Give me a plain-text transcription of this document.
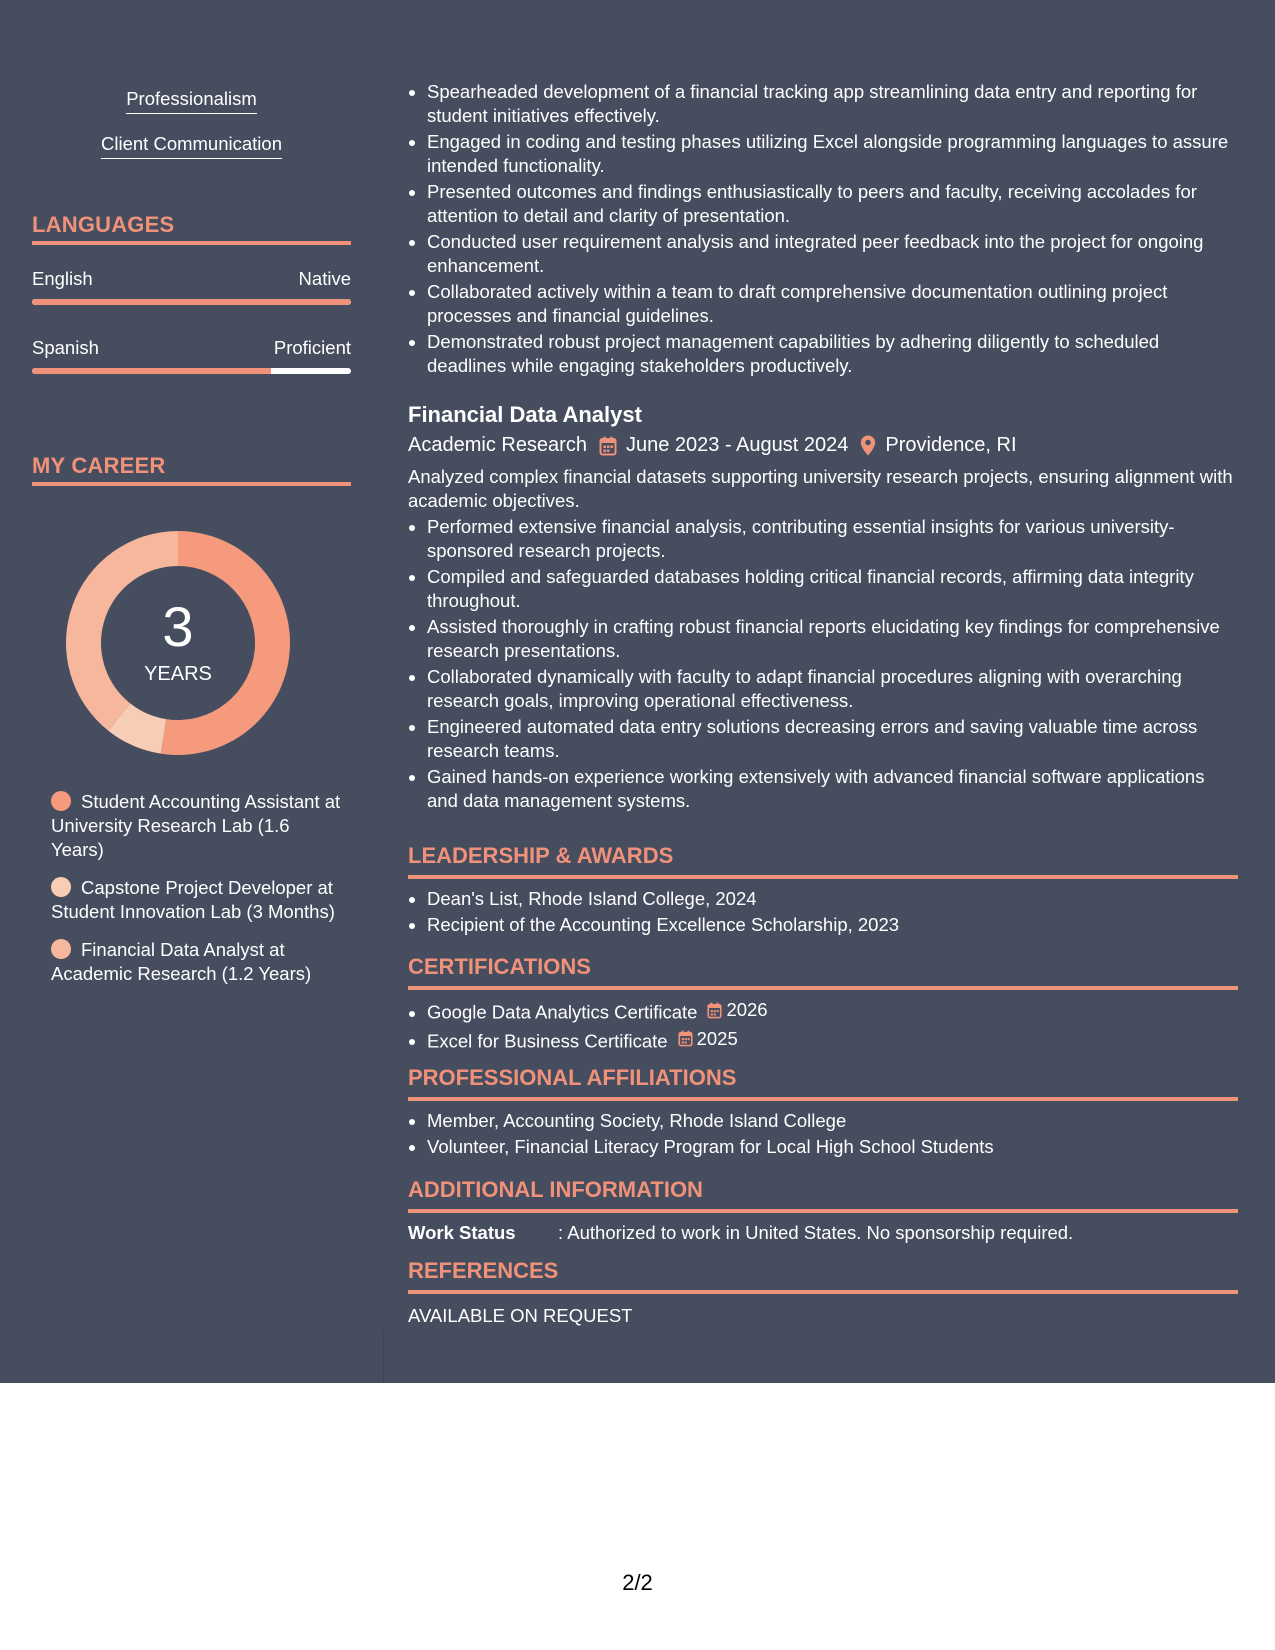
Professionalism
Client Communication
LANGUAGES
English	Native
Spanish	Proficient
MY CAREER
3
YEARS
Student Accounting Assistant at University Research Lab (1.6 Years)
Capstone Project Developer at Student Innovation Lab (3 Months)
Financial Data Analyst at Academic Research (1.2 Years)
• Spearheaded development of a financial tracking app streamlining data entry and reporting for student initiatives effectively.
• Engaged in coding and testing phases utilizing Excel alongside programming languages to assure intended functionality.
• Presented outcomes and findings enthusiastically to peers and faculty, receiving accolades for attention to detail and clarity of presentation.
• Conducted user requirement analysis and integrated peer feedback into the project for ongoing enhancement.
• Collaborated actively within a team to draft comprehensive documentation outlining project processes and financial guidelines.
• Demonstrated robust project management capabilities by adhering diligently to scheduled deadlines while engaging stakeholders productively.
Financial Data Analyst
Academic Research June 2023 - August 2024 Providence, RI
Analyzed complex financial datasets supporting university research projects, ensuring alignment with academic objectives.
• Performed extensive financial analysis, contributing essential insights for various university-sponsored research projects.
• Compiled and safeguarded databases holding critical financial records, affirming data integrity throughout.
• Assisted thoroughly in crafting robust financial reports elucidating key findings for comprehensive research presentations.
• Collaborated dynamically with faculty to adapt financial procedures aligning with overarching research goals, improving operational effectiveness.
• Engineered automated data entry solutions decreasing errors and saving valuable time across research teams.
• Gained hands-on experience working extensively with advanced financial software applications and data management systems.
LEADERSHIP & AWARDS
• Dean's List, Rhode Island College, 2024
• Recipient of the Accounting Excellence Scholarship, 2023
CERTIFICATIONS
• Google Data Analytics Certificate 2026
• Excel for Business Certificate 2025
PROFESSIONAL AFFILIATIONS
• Member, Accounting Society, Rhode Island College
• Volunteer, Financial Literacy Program for Local High School Students
ADDITIONAL INFORMATION
Work Status : Authorized to work in United States. No sponsorship required.
REFERENCES
AVAILABLE ON REQUEST
2/2
